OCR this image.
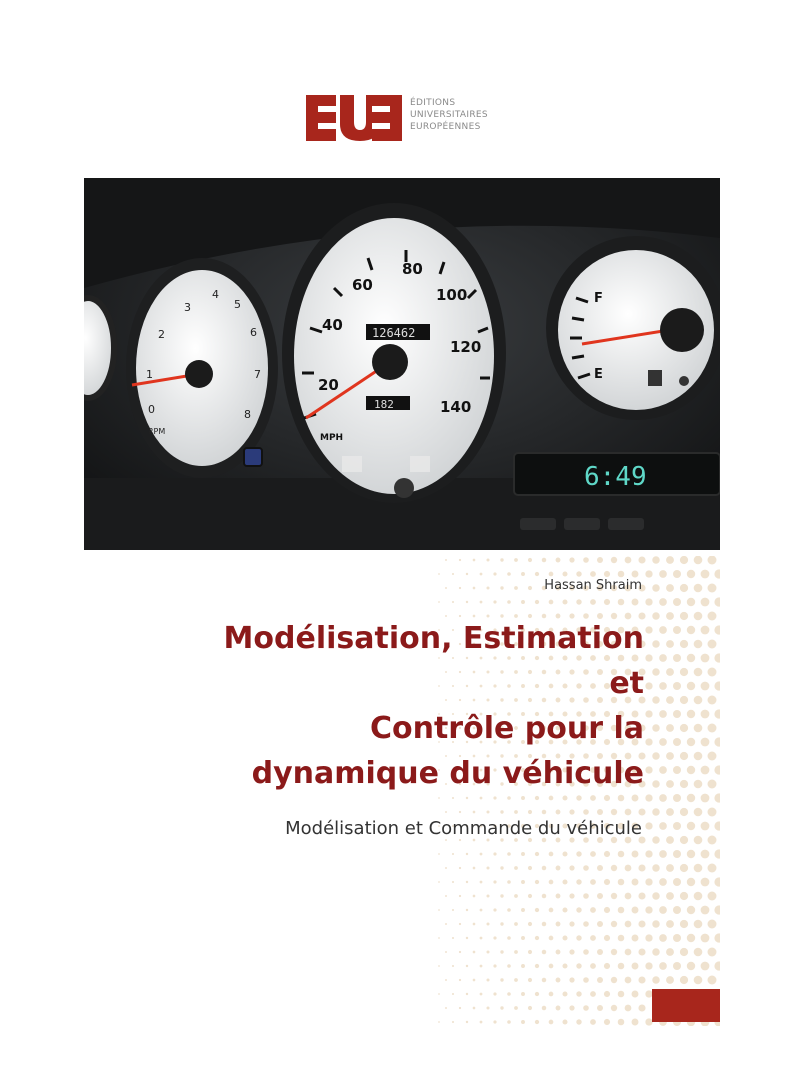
ÉDITIONS
UNIVERSITAIRES
EUROPÉENNES
0
1
2
3
4
5
6
7
8
RPM
20
40
60
80
100
120
140
MPH
126462
182
F
E
6:49
Hassan Shraim
Modélisation, Estimation
et
Contrôle pour la
dynamique du véhicule
Modélisation et Commande du véhicule
